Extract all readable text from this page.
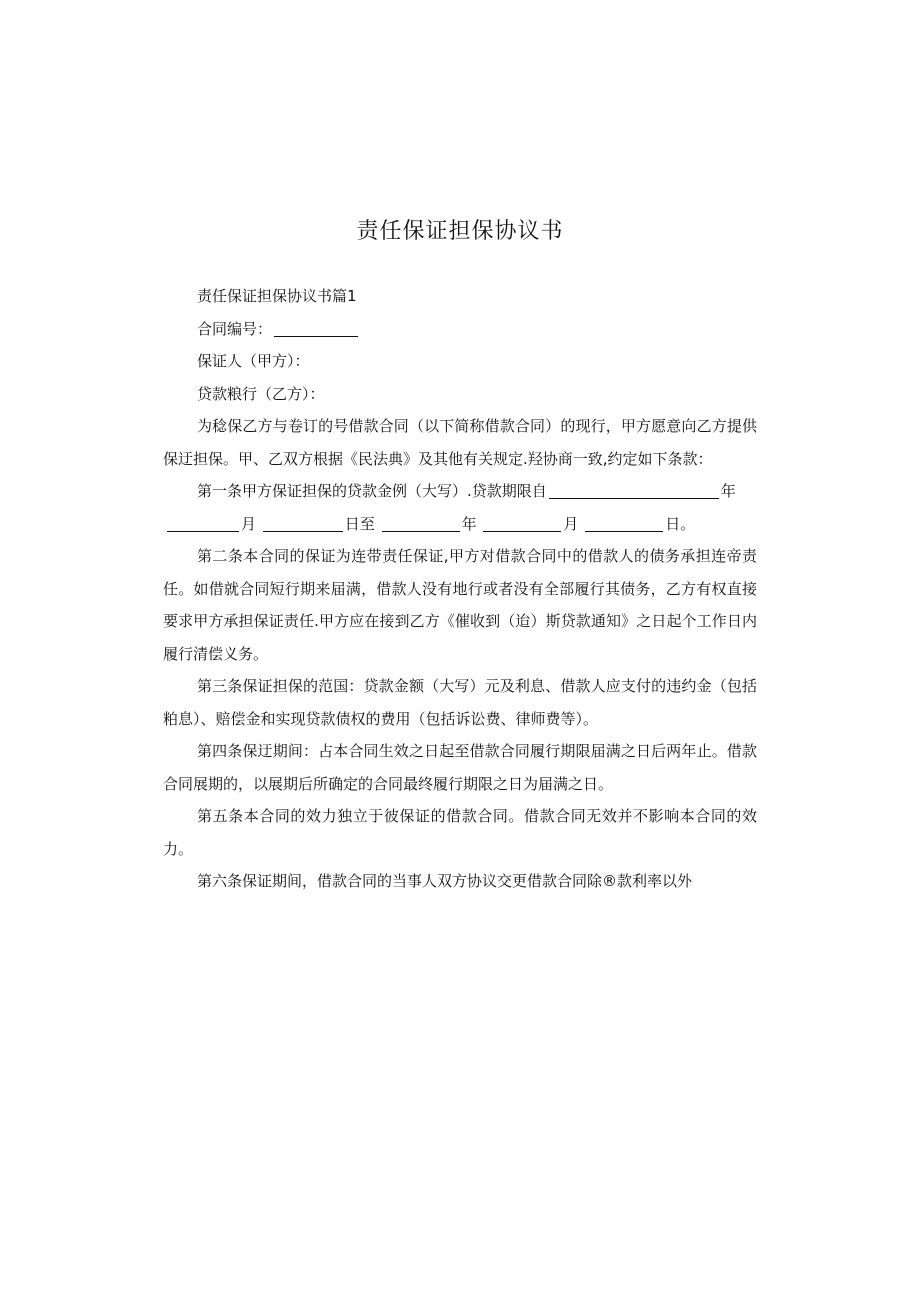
责任保证担保协议书

责任保证担保协议书篇1

合同编号：

保证人（甲方）：

贷款粮行（乙方）：

为稔保乙方与卷订的号借款合同（以下简称借款合同）的现行，甲方愿意向乙方提供保迂担保。甲、乙双方根据《民法典》及其他有关规定.羟协商一致,约定如下条款：

第一条甲方保证担保的贷款金例（大写）.贷款期限自	年

月	日至	年	月	日。

第二条本合同的保证为连带责任保证,甲方对借款合同中的借款人的债务承担连帝责任。如借就合同短行期来届满，借款人没有地行或者没有全部履行其债务，乙方有权直接要求甲方承担保证责任.甲方应在接到乙方《催收到（迨）斯贷款通知》之日起个工作日内履行清偿义务。

第三条保证担保的范国：贷款金额（大写）元及利息、借款人应支付的违约金（包括粕息）、赔偿金和实现贷款债权的费用（包括诉讼费、律师费等）。

第四条保迂期间：占本合同生效之日起至借款合同履行期限届满之日后两年止。借款合同展期的，以展期后所确定的合同最终履行期限之日为届满之日。

第五条本合同的效力独立于彼保证的借款合同。借款合同无效并不影响本合同的效力。

第六条保证期间，借款合同的当事人双方协议交更借款合同除®款利率以外
